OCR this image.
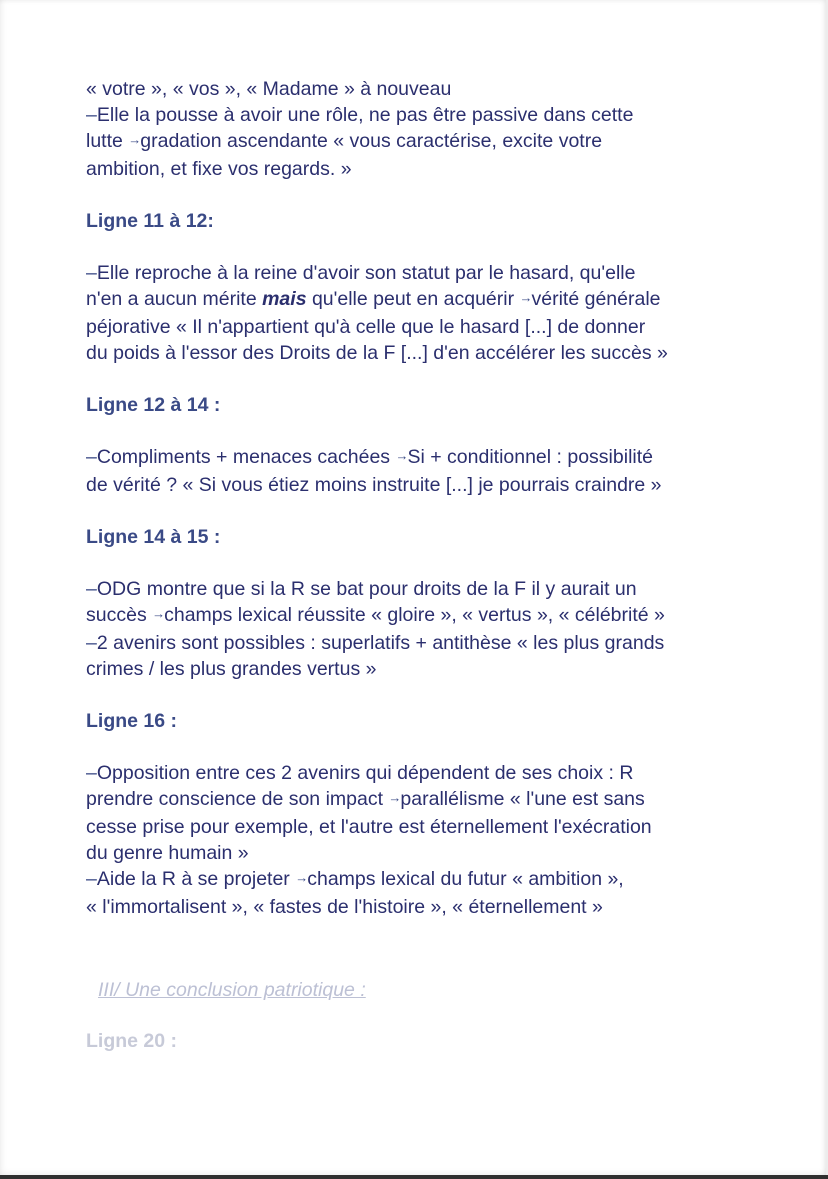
« votre », « vos », « Madame » à nouveau

–Elle la pousse à avoir une rôle, ne pas être passive dans cette

lutte →gradation ascendante « vous caractérise, excite votre

ambition, et fixe vos regards. »

Ligne 11 à 12:

–Elle reproche à la reine d'avoir son statut par le hasard, qu'elle

n'en a aucun mérite mais qu'elle peut en acquérir →vérité générale

péjorative « Il n'appartient qu'à celle que le hasard [...] de donner

du poids à l'essor des Droits de la F [...] d'en accélérer les succès »

Ligne 12 à 14 :

–Compliments + menaces cachées →Si + conditionnel : possibilité

de vérité ? « Si vous étiez moins instruite [...] je pourrais craindre »

Ligne 14 à 15 :

–ODG montre que si la R se bat pour droits de la F il y aurait un

succès →champs lexical réussite « gloire », « vertus », « célébrité »

–2 avenirs sont possibles : superlatifs + antithèse « les plus grands

crimes / les plus grandes vertus »

Ligne 16 :

–Opposition entre ces 2 avenirs qui dépendent de ses choix : R

prendre conscience de son impact →parallélisme « l'une est sans

cesse prise pour exemple, et l'autre est éternellement l'exécration

du genre humain »

–Aide la R à se projeter →champs lexical du futur « ambition »,

« l'immortalisent », « fastes de l'histoire », « éternellement »

III/ Une conclusion patriotique :
Ligne 20 :
